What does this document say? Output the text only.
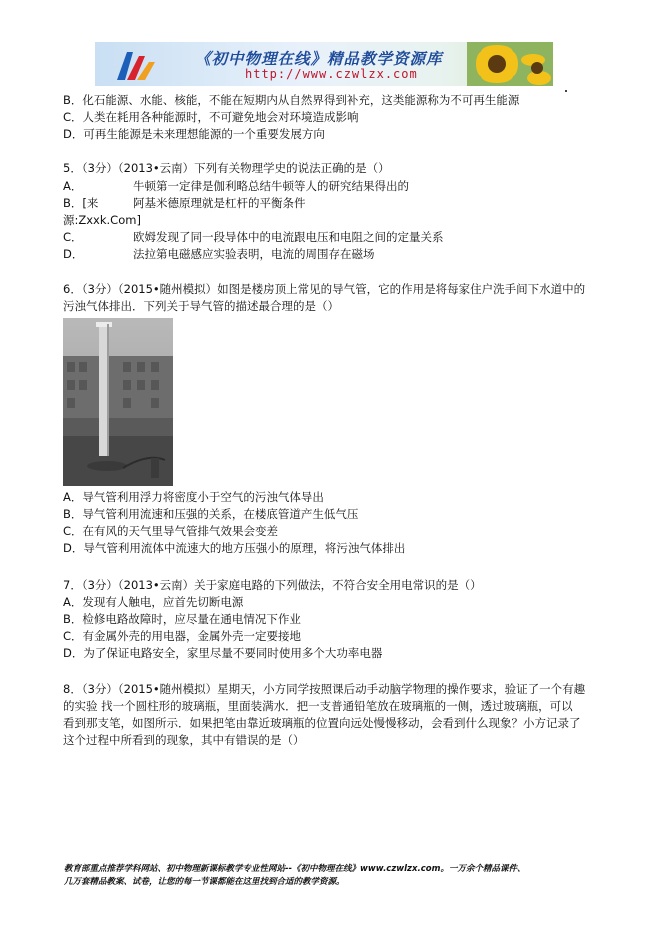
《初中物理在线》精品教学资源库
http://www.czwlzx.com
B．化石能源、水能、核能，不能在短期内从自然界得到补充，这类能源称为不可再生能源
C．人类在耗用各种能源时，不可避免地会对环境造成影响
D．可再生能源是未来理想能源的一个重要发展方向
5．（3分）（2013•云南）下列有关物理学史的说法正确的是（）
A．	牛顿第一定律是伽利略总结牛顿等人的研究结果得出的
B．[来	阿基米德原理就是杠杆的平衡条件
源:Zxxk.Com]
C．	欧姆发现了同一段导体中的电流跟电压和电阻之间的定量关系
D．	法拉第电磁感应实验表明，电流的周围存在磁场
6．（3分）（2015•随州模拟）如图是楼房顶上常见的导气管，它的作用是将每家住户洗手间下水道中的
污浊气体排出．下列关于导气管的描述最合理的是（）
A．导气管利用浮力将密度小于空气的污浊气体导出
B．导气管利用流速和压强的关系，在楼底管道产生低气压
C．在有风的天气里导气管排气效果会变差
D．导气管利用流体中流速大的地方压强小的原理，将污浊气体排出
7．（3分）（2013•云南）关于家庭电路的下列做法，不符合安全用电常识的是（）
A．发现有人触电，应首先切断电源
B．检修电路故障时，应尽量在通电情况下作业
C．有金属外壳的用电器，金属外壳一定要接地
D．为了保证电路安全，家里尽量不要同时使用多个大功率电器
8．（3分）（2015•随州模拟）星期天，小方同学按照课后动手动脑学物理的操作要求，验证了一个有趣
的实验 找一个圆柱形的玻璃瓶，里面装满水．把一支普通铅笔放在玻璃瓶的一侧，透过玻璃瓶，可以
看到那支笔，如图所示．如果把笔由靠近玻璃瓶的位置向远处慢慢移动，会看到什么现象？小方记录了
这个过程中所看到的现象，其中有错误的是（）
教育部重点推荐学科网站、初中物理新课标教学专业性网站--《初中物理在线》www.czwlzx.com。一万余个精品课件、
几万套精品教案、试卷，让您的每一节课都能在这里找到合适的教学资源。
